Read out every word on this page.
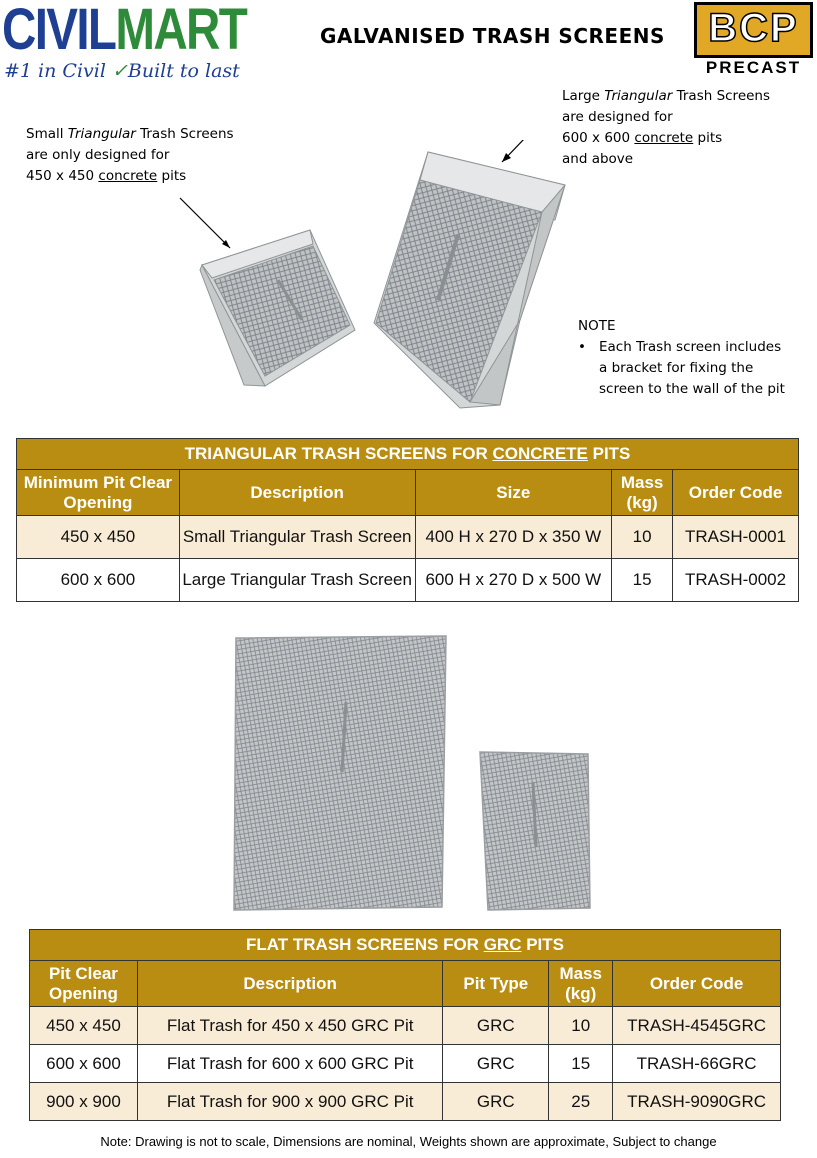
CIVILMART
#1 in Civil ✓Built to last
GALVANISED TRASH SCREENS	BCP
PRECAST
Small Triangular Trash Screens
are only designed for
450 x 450 concrete pits
Large Triangular Trash Screens
are designed for
600 x 600 concrete pits
and above
NOTE
• Each Trash screen includes
a bracket for fixing the
screen to the wall of the pit
TRIANGULAR TRASH SCREENS FOR CONCRETE PITS				
Minimum Pit Clear Opening	Description	Size	Mass (kg)	Order Code
450 x 450	Small Triangular Trash Screen	400 H x 270 D x 350 W	10	TRASH-0001
600 x 600	Large Triangular Trash Screen	600 H x 270 D x 500 W	15	TRASH-0002
FLAT TRASH SCREENS FOR GRC PITS				
Pit Clear Opening	Description	Pit Type	Mass (kg)	Order Code
450 x 450	Flat Trash for 450 x 450 GRC Pit	GRC	10	TRASH-4545GRC
600 x 600	Flat Trash for 600 x 600 GRC Pit	GRC	15	TRASH-66GRC
900 x 900	Flat Trash for 900 x 900 GRC Pit	GRC	25	TRASH-9090GRC
Note: Drawing is not to scale, Dimensions are nominal, Weights shown are approximate, Subject to change
